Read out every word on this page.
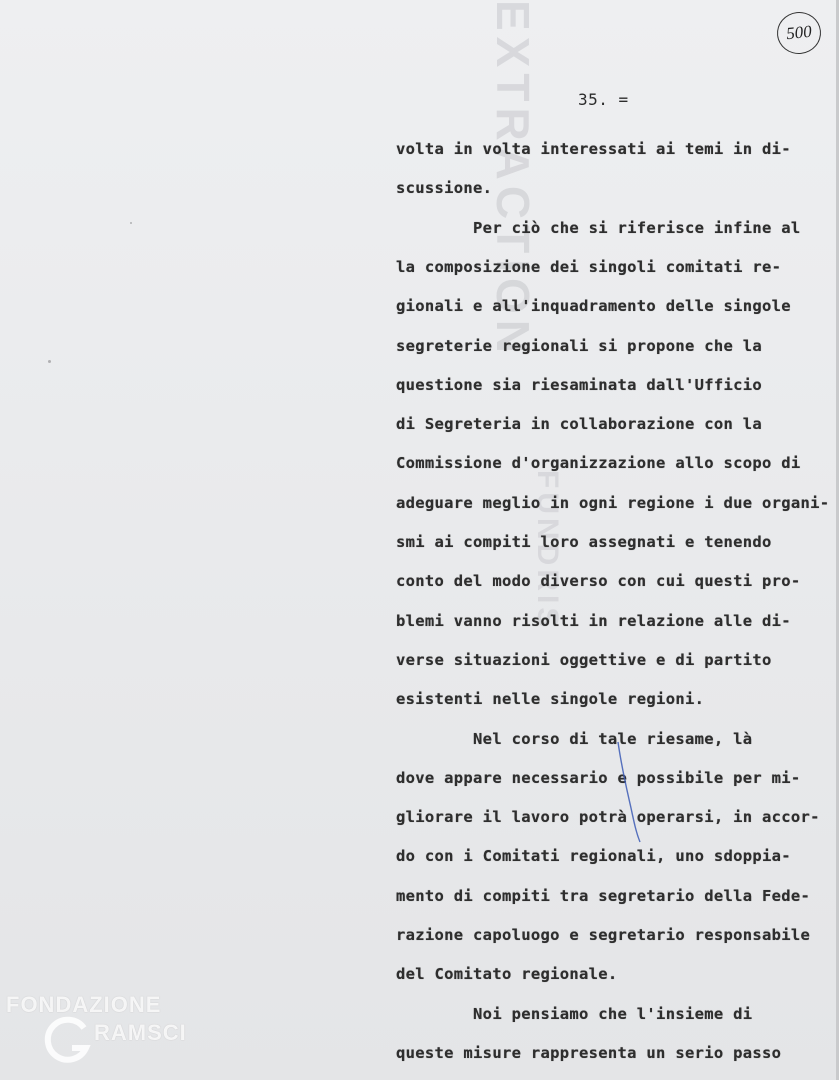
EXTRACTION	500
35. =
volta in volta interessati ai temi in di-
scussione.
Per ciò che si riferisce infine al
la composizione dei singoli comitati re-
gionali e all'inquadramento delle singole
segreterie regionali si propone che la
questione sia riesaminata dall'Ufficio
di Segreteria in collaborazione con la
Commissione d'organizzazione allo scopo di
adeguare meglio in ogni regione i due organi-
smi ai compiti loro assegnati e tenendo
conto del modo diverso con cui questi pro-
blemi vanno risolti in relazione alle di-
verse situazioni oggettive e di partito
esistenti nelle singole regioni.
Nel corso di tale riesame, là
dove appare necessario e possibile per mi-
gliorare il lavoro potrà operarsi, in accor-
do con i Comitati regionali, uno sdoppia-
mento di compiti tra segretario della Fede-
razione capoluogo e segretario responsabile
del Comitato regionale.
Noi pensiamo che l'insieme di
queste misure rappresenta un serio passo
FONDAZIONE
RAMSCI
